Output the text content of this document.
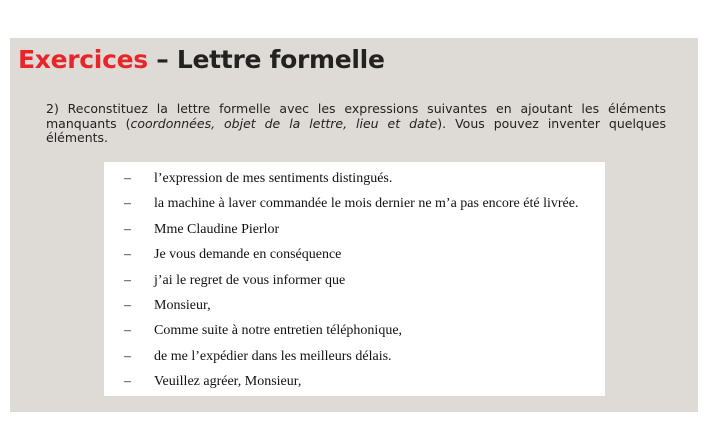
Exercices – Lettre formelle

2) Reconstituez la lettre formelle avec les expressions suivantes en ajoutant les éléments manquants (coordonnées, objet de la lettre, lieu et date). Vous pouvez inventer quelques éléments.

–	l’expression de mes sentiments distingués.
–	la machine à laver commandée le mois dernier ne m’a pas encore été livrée.
–	Mme Claudine Pierlor
–	Je vous demande en conséquence
–	j’ai le regret de vous informer que
–	Monsieur,
–	Comme suite à notre entretien téléphonique,
–	de me l’expédier dans les meilleurs délais.
–	Veuillez agréer, Monsieur,
